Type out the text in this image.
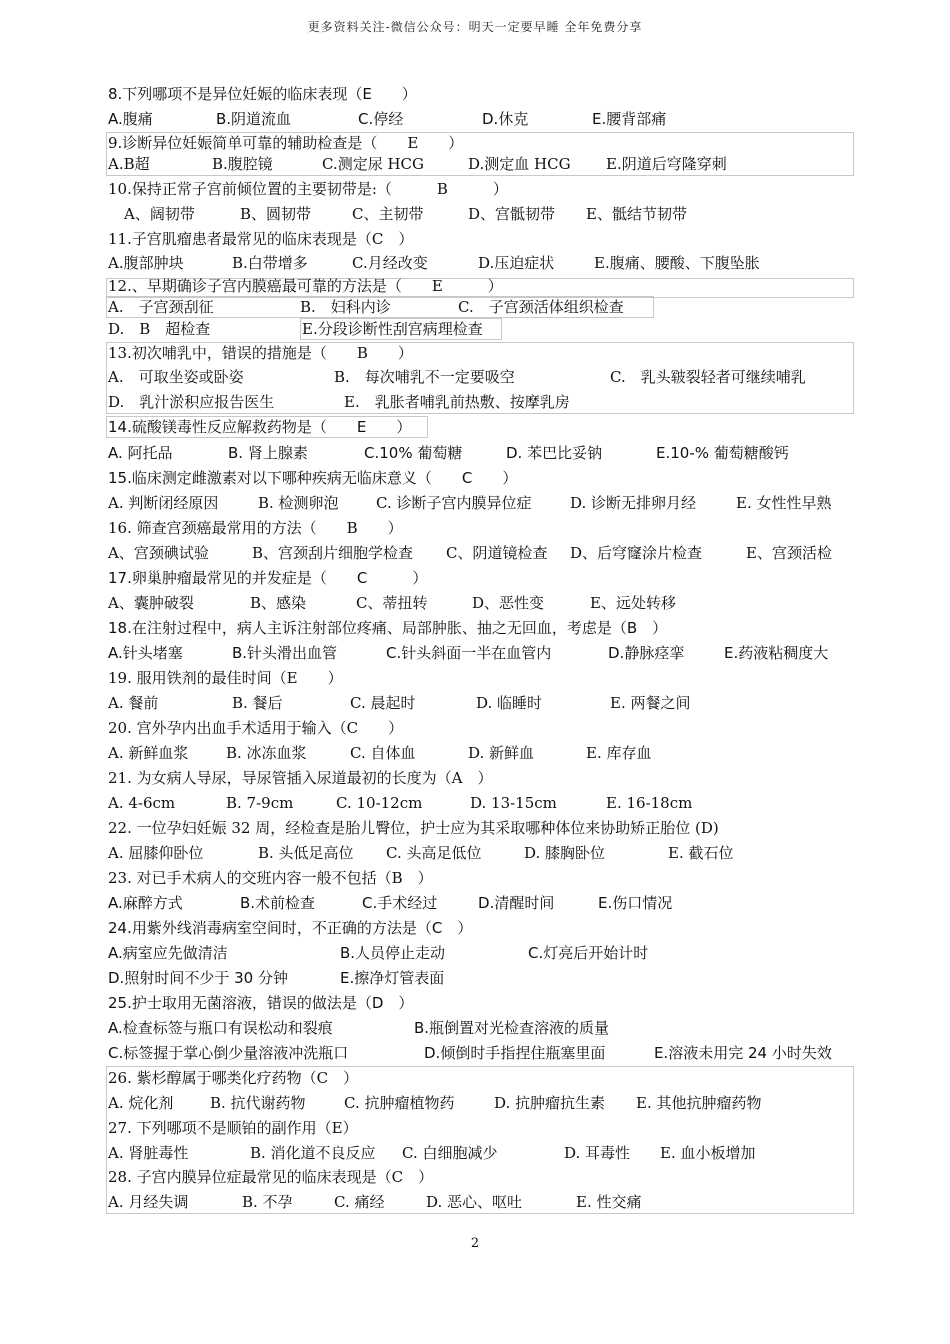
更多资料关注-微信公众号：明天一定要早睡 全年免费分享
8.下列哪项不是异位妊娠的临床表现（E　　）
A.腹痛	B.阴道流血	C.停经	D.休克	E.腰背部痛
9.诊断异位妊娠简单可靠的辅助检查是（　　E　　）
A.B超	B.腹腔镜	C.测定尿 HCG	D.测定血 HCG E.阴道后穹隆穿刺
10.保持正常子宫前倾位置的主要韧带是:（　　　B　　　）
A、阔韧带	B、圆韧带	C、主韧带	D、宫骶韧带 E、骶结节韧带
11.子宫肌瘤患者最常见的临床表现是（C　）
A.腹部肿块	B.白带增多	C.月经改变	D.压迫症状	E.腹痛、腰酸、下腹坠胀
12.、早期确诊子宫内膜癌最可靠的方法是（　　E　　　）
A.　子宫颈刮征	B.　妇科内诊	C.　子宫颈活体组织检查
D.　B　超检查	E.分段诊断性刮宫病理检查
13.初次哺乳中，错误的措施是（　　B　　）
A.　可取坐姿或卧姿	B.　每次哺乳不一定要吸空	C.　乳头皲裂轻者可继续哺乳
D.　乳汁淤积应报告医生	E.　乳胀者哺乳前热敷、按摩乳房
14.硫酸镁毒性反应解救药物是（　　E　　）
A. 阿托品	B. 肾上腺素	C.10% 葡萄糖	D. 苯巴比妥钠	E.10-% 葡萄糖酸钙
15.临床测定雌激素对以下哪种疾病无临床意义（　　C　　）
A. 判断闭经原因	B. 检测卵泡 C. 诊断子宫内膜异位症	D. 诊断无排卵月经	E. 女性性早熟
16. 筛查宫颈癌最常用的方法（　　B　　）
A、宫颈碘试验	B、宫颈刮片细胞学检查 C、阴道镜检查 D、后穹窿涂片检查	E、宫颈活检
17.卵巢肿瘤最常见的并发症是（　　C　　　）
A、囊肿破裂	B、感染	C、蒂扭转	D、恶性变	E、远处转移
18.在注射过程中，病人主诉注射部位疼痛、局部肿胀、抽之无回血，考虑是（B　）
A.针头堵塞	B.针头滑出血管	C.针头斜面一半在血管内	D.静脉痉挛	E.药液粘稠度大
19. 服用铁剂的最佳时间（E　　）
A. 餐前	B. 餐后	C. 晨起时	D. 临睡时	E. 两餐之间
20. 宫外孕内出血手术适用于输入（C　　）
A. 新鲜血浆	B. 冰冻血浆	C. 自体血	D. 新鲜血	E. 库存血
21. 为女病人导尿，导尿管插入尿道最初的长度为（A　）
A. 4-6cm	B. 7-9cm	C. 10-12cm	D. 13-15cm	E. 16-18cm
22. 一位孕妇妊娠 32 周，经检查是胎儿臀位，护士应为其采取哪种体位来协助矫正胎位 (D)
A. 屈膝仰卧位	B. 头低足高位 C. 头高足低位	D. 膝胸卧位	E. 截石位
23. 对已手术病人的交班内容一般不包括（B　）
A.麻醉方式	B.术前检查	C.手术经过	D.清醒时间	E.伤口情况
24.用紫外线消毒病室空间时，不正确的方法是（C　）
A.病室应先做清洁	B.人员停止走动	C.灯亮后开始计时
D.照射时间不少于 30 分钟	E.擦净灯管表面
25.护士取用无菌溶液，错误的做法是（D　）
A.检查标签与瓶口有误松动和裂痕	B.瓶倒置对光检查溶液的质量
C.标签握于掌心倒少量溶液冲洗瓶口	D.倾倒时手指捏住瓶塞里面	E.溶液未用完 24 小时失效
26. 紫杉醇属于哪类化疗药物（C　）
A. 烷化剂 B. 抗代谢药物	C. 抗肿瘤植物药	D. 抗肿瘤抗生素 E. 其他抗肿瘤药物
27. 下列哪项不是顺铂的副作用（E）
A. 肾脏毒性	B. 消化道不良反应 C. 白细胞减少	D. 耳毒性 E. 血小板增加
28. 子宫内膜异位症最常见的临床表现是（C　）
A. 月经失调	B. 不孕	C. 痛经	D. 恶心、呕吐	E. 性交痛
2
